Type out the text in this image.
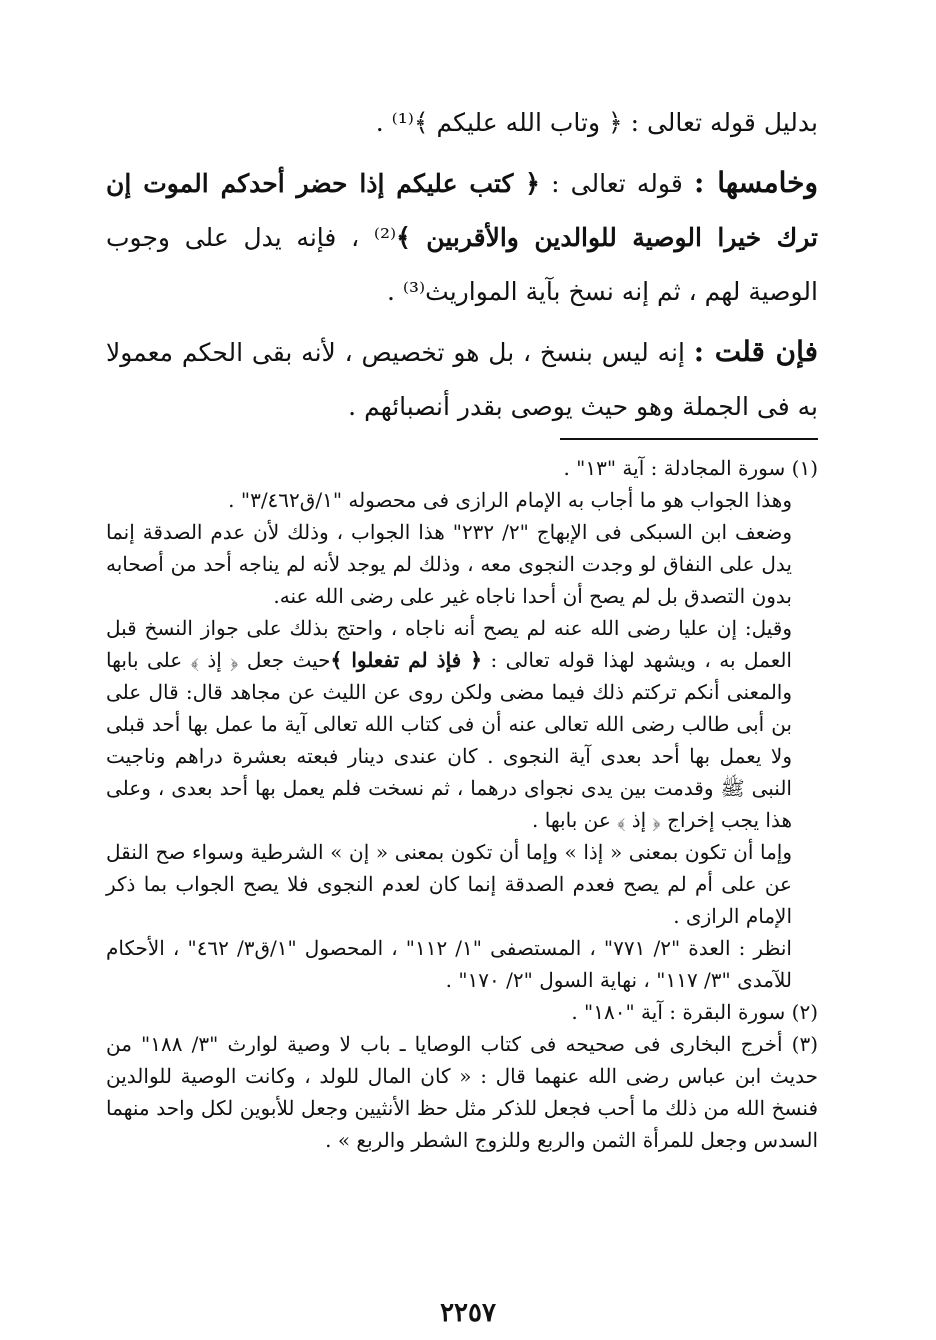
بدليل قوله تعالى : ﴿ وتاب الله عليكم ﴾⁽¹⁾ .

وخامسها : قوله تعالى : ﴿ كتب عليكم إذا حضر أحدكم الموت إن ترك خيرا الوصية للوالدين والأقربين ﴾⁽²⁾ ، فإنه يدل على وجوب الوصية لهم ، ثم إنه نسخ بآية المواريث⁽³⁾ .

فإن قلت : إنه ليس بنسخ ، بل هو تخصيص ، لأنه بقى الحكم معمولا به فى الجملة وهو حيث يوصى بقدر أنصبائهم .

(١) سورة المجادلة : آية "١٣" .

وهذا الجواب هو ما أجاب به الإمام الرازى فى محصوله "١/ق٣/٤٦٢" .

وضعف ابن السبكى فى الإبهاج "٢/ ٢٣٢" هذا الجواب ، وذلك لأن عدم الصدقة إنما يدل على النفاق لو وجدت النجوى معه ، وذلك لم يوجد لأنه لم يناجه أحد من أصحابه بدون التصدق بل لم يصح أن أحدا ناجاه غير على رضى الله عنه.

وقيل: إن عليا رضى الله عنه لم يصح أنه ناجاه ، واحتج بذلك على جواز النسخ قبل العمل به ، ويشهد لهذا قوله تعالى : ﴿ فإذ لم تفعلوا ﴾حيث جعل ﴿ إذ ﴾ على بابها والمعنى أنكم تركتم ذلك فيما مضى ولكن روى عن الليث عن مجاهد قال: قال على بن أبى طالب رضى الله تعالى عنه أن فى كتاب الله تعالى آية ما عمل بها أحد قبلى ولا يعمل بها أحد بعدى آية النجوى . كان عندى دينار فبعته بعشرة دراهم وناجيت النبى ﷺ وقدمت بين يدى نجواى درهما ، ثم نسخت فلم يعمل بها أحد بعدى ، وعلى هذا يجب إخراج ﴿ إذ ﴾ عن بابها .

وإما أن تكون بمعنى « إذا » وإما أن تكون بمعنى « إن » الشرطية وسواء صح النقل عن على أم لم يصح فعدم الصدقة إنما كان لعدم النجوى فلا يصح الجواب بما ذكر الإمام الرازى .

انظر : العدة "٢/ ٧٧١" ، المستصفى "١/ ١١٢" ، المحصول "١/ق٣/ ٤٦٢" ، الأحكام للآمدى "٣/ ١١٧" ، نهاية السول "٢/ ١٧٠" .

(٢) سورة البقرة : آية "١٨٠" .

(٣) أخرج البخارى فى صحيحه فى كتاب الوصايا ـ باب لا وصية لوارث "٣/ ١٨٨" من حديث ابن عباس رضى الله عنهما قال : « كان المال للولد ، وكانت الوصية للوالدين فنسخ الله من ذلك ما أحب فجعل للذكر مثل حظ الأنثيين وجعل للأبوين لكل واحد منهما السدس وجعل للمرأة الثمن والربع وللزوج الشطر والربع » .

٢٢٥٧
